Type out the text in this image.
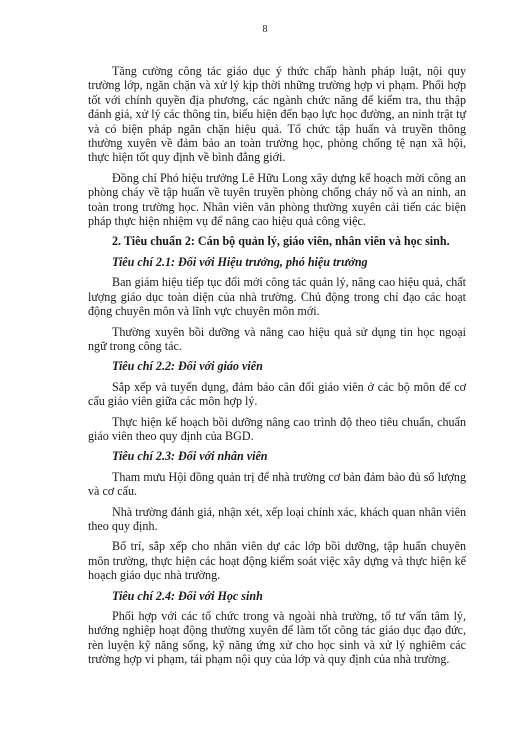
8

Tăng cường công tác giáo dục ý thức chấp hành pháp luật, nội quy trường lớp, ngăn chặn và xử lý kịp thời những trường hợp vi phạm. Phối hợp tốt với chính quyền địa phương, các ngành chức năng để kiểm tra, thu thập đánh giá, xử lý các thông tin, biểu hiện đến bạo lực học đường, an ninh trật tự và có biện pháp ngăn chặn hiệu quả. Tổ chức tập huấn và truyền thông thường xuyên về đảm bảo an toàn trường học, phòng chống tệ nạn xã hội, thực hiện tốt quy định về bình đẳng giới.

Đồng chí Phó hiệu trưởng Lê Hữu Long xây dựng kế hoạch mời công an phòng cháy về tập huấn về tuyên truyền phòng chống cháy nổ và an ninh, an toàn trong trường học. Nhân viên văn phòng thường xuyên cải tiến các biện pháp thực hiện nhiệm vụ để nâng cao hiệu quả công việc.

2. Tiêu chuẩn 2: Cán bộ quản lý, giáo viên, nhân viên và học sinh.

Tiêu chí 2.1: Đối với Hiệu trưởng, phó hiệu trưởng

Ban giám hiệu tiếp tục đổi mới công tác quản lý, nâng cao hiệu quả, chất lượng giáo dục toàn diện của nhà trường. Chủ động trong chỉ đạo các hoạt động chuyên môn và lĩnh vực chuyên môn mới.

Thường xuyên bồi dưỡng và nâng cao hiệu quả sử dụng tin học ngoại ngữ trong công tác.

Tiêu chí 2.2: Đối với giáo viên

Sắp xếp và tuyển dụng, đảm bảo cân đối giáo viên ở các bộ môn để cơ cấu giáo viên giữa các môn hợp lý.

Thực hiện kế hoạch bồi dưỡng nâng cao trình độ theo tiêu chuẩn, chuẩn giáo viên theo quy định của BGD.

Tiêu chí 2.3: Đối với nhân viên

Tham mưu Hội đồng quản trị để nhà trường cơ bản đảm bảo đủ số lượng và cơ cấu.

Nhà trường đánh giá, nhận xét, xếp loại chính xác, khách quan nhân viên theo quy định.

Bố trí, sắp xếp cho nhân viên dự các lớp bồi dưỡng, tập huấn chuyên môn trường, thực hiện các hoạt động kiểm soát việc xây dựng và thực hiện kế hoạch giáo dục nhà trường.

Tiêu chí 2.4: Đối với Học sinh

Phối hợp với các tổ chức trong và ngoài nhà trường, tổ tư vấn tâm lý, hướng nghiệp hoạt động thường xuyên để làm tốt công tác giáo dục đạo đức, rèn luyện kỹ năng sống, kỹ năng ứng xử cho học sinh và xử lý nghiêm các trường hợp vi phạm, tái phạm nội quy của lớp và quy định của nhà trường.
